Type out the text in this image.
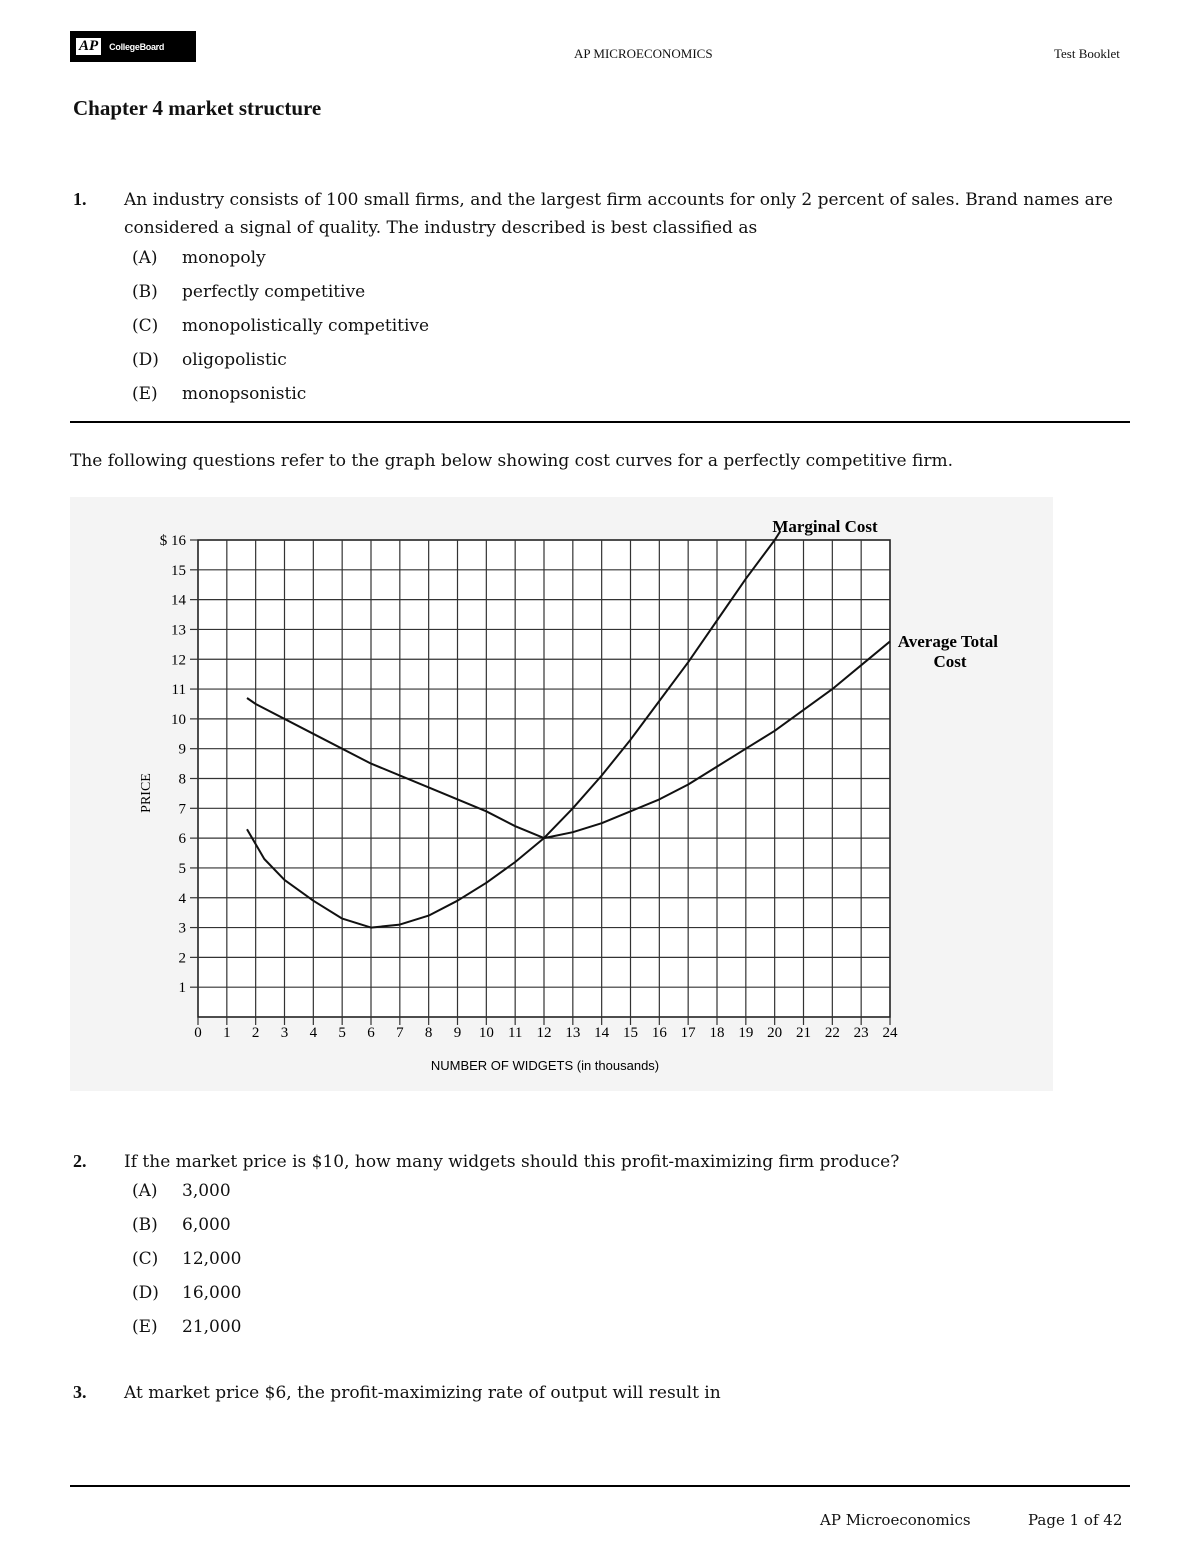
AP	CollegeBoard	AP MICROECONOMICS	Test Booklet
Chapter 4 market structure
1. An industry consists of 100 small firms, and the largest firm accounts for only 2 percent of sales. Brand names are
considered a signal of quality. The industry described is best classified as
(A)	monopoly
(B)	perfectly competitive
(C)	monopolistically competitive
(D)	oligopolistic
(E)	monopsonistic
The following questions refer to the graph below showing cost curves for a perfectly competitive firm.
$ 16
15
14
13
12
11
10
9
8
7
6
5
4
3
2
1
0 1 2 3 4 5 6 7 8 9 10 11 12 13 14 15 16 17 18 19 20 21 22 23 24
PRICE
NUMBER OF WIDGETS (in thousands)
Marginal Cost
Average Total Cost
2. If the market price is $10, how many widgets should this profit-maximizing firm produce?
(A)	3,000
(B)	6,000
(C)	12,000
(D)	16,000
(E)	21,000
3. At market price $6, the profit-maximizing rate of output will result in
AP Microeconomics	Page 1 of 42
